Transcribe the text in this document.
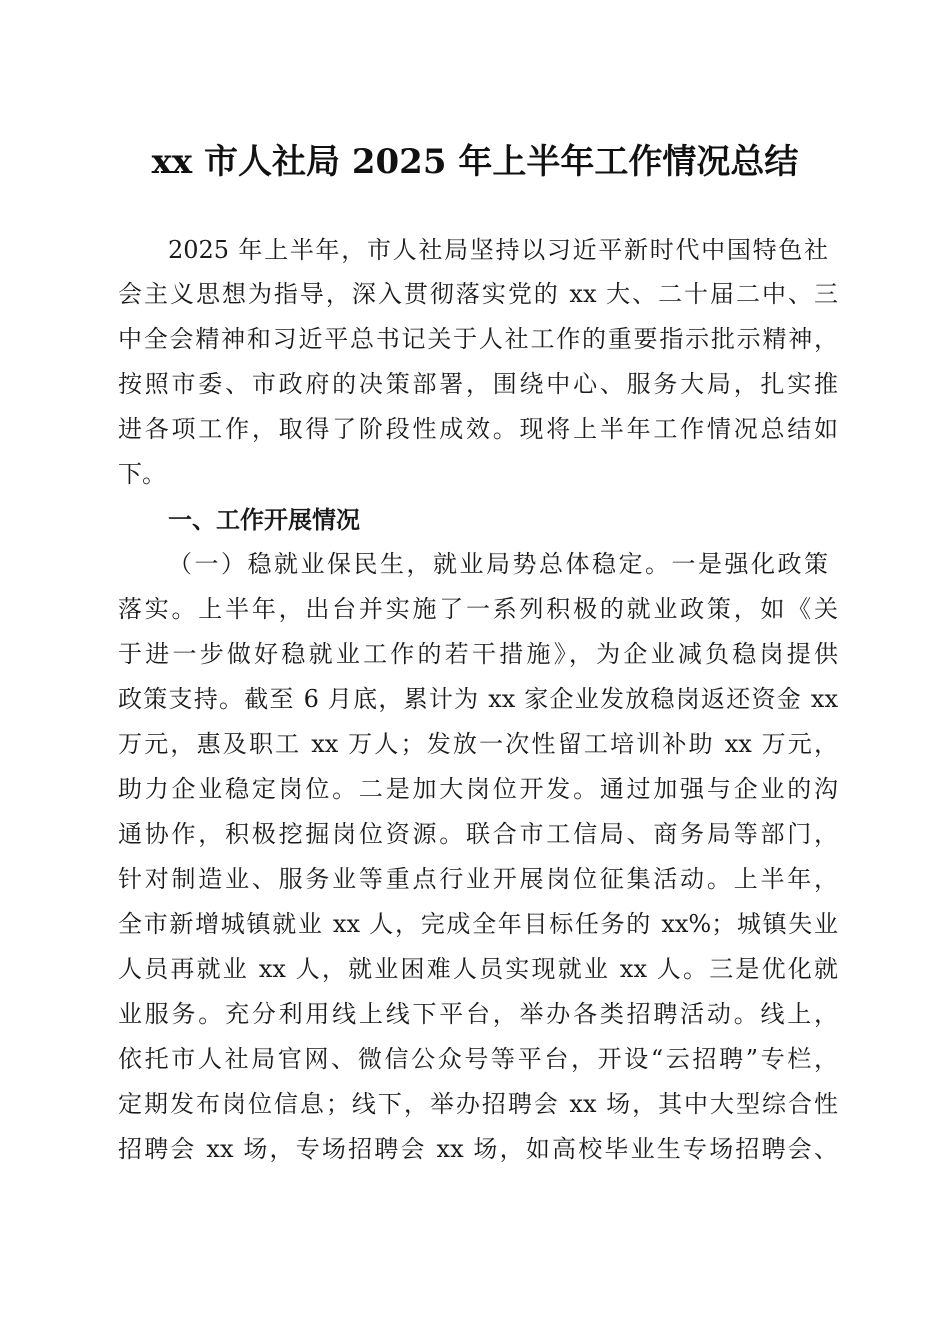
xx 市人社局 2025 年上半年工作情况总结
2025 年上半年，市人社局坚持以习近平新时代中国特色社
会主义思想为指导，深入贯彻落实党的 xx 大、二十届二中、三
中全会精神和习近平总书记关于人社工作的重要指示批示精神，
按照市委、市政府的决策部署，围绕中心、服务大局，扎实推
进各项工作，取得了阶段性成效。现将上半年工作情况总结如
下。
一、工作开展情况
（一）稳就业保民生，就业局势总体稳定。一是强化政策
落实。上半年，出台并实施了一系列积极的就业政策，如《关
于进一步做好稳就业工作的若干措施》，为企业减负稳岗提供
政策支持。截至 6 月底，累计为 xx 家企业发放稳岗返还资金 xx
万元，惠及职工 xx 万人；发放一次性留工培训补助 xx 万元，
助力企业稳定岗位。二是加大岗位开发。通过加强与企业的沟
通协作，积极挖掘岗位资源。联合市工信局、商务局等部门，
针对制造业、服务业等重点行业开展岗位征集活动。上半年，
全市新增城镇就业 xx 人，完成全年目标任务的 xx%；城镇失业
人员再就业 xx 人，就业困难人员实现就业 xx 人。三是优化就
业服务。充分利用线上线下平台，举办各类招聘活动。线上，
依托市人社局官网、微信公众号等平台，开设“云招聘”专栏，
定期发布岗位信息；线下，举办招聘会 xx 场，其中大型综合性
招聘会 xx 场，专场招聘会 xx 场，如高校毕业生专场招聘会、
